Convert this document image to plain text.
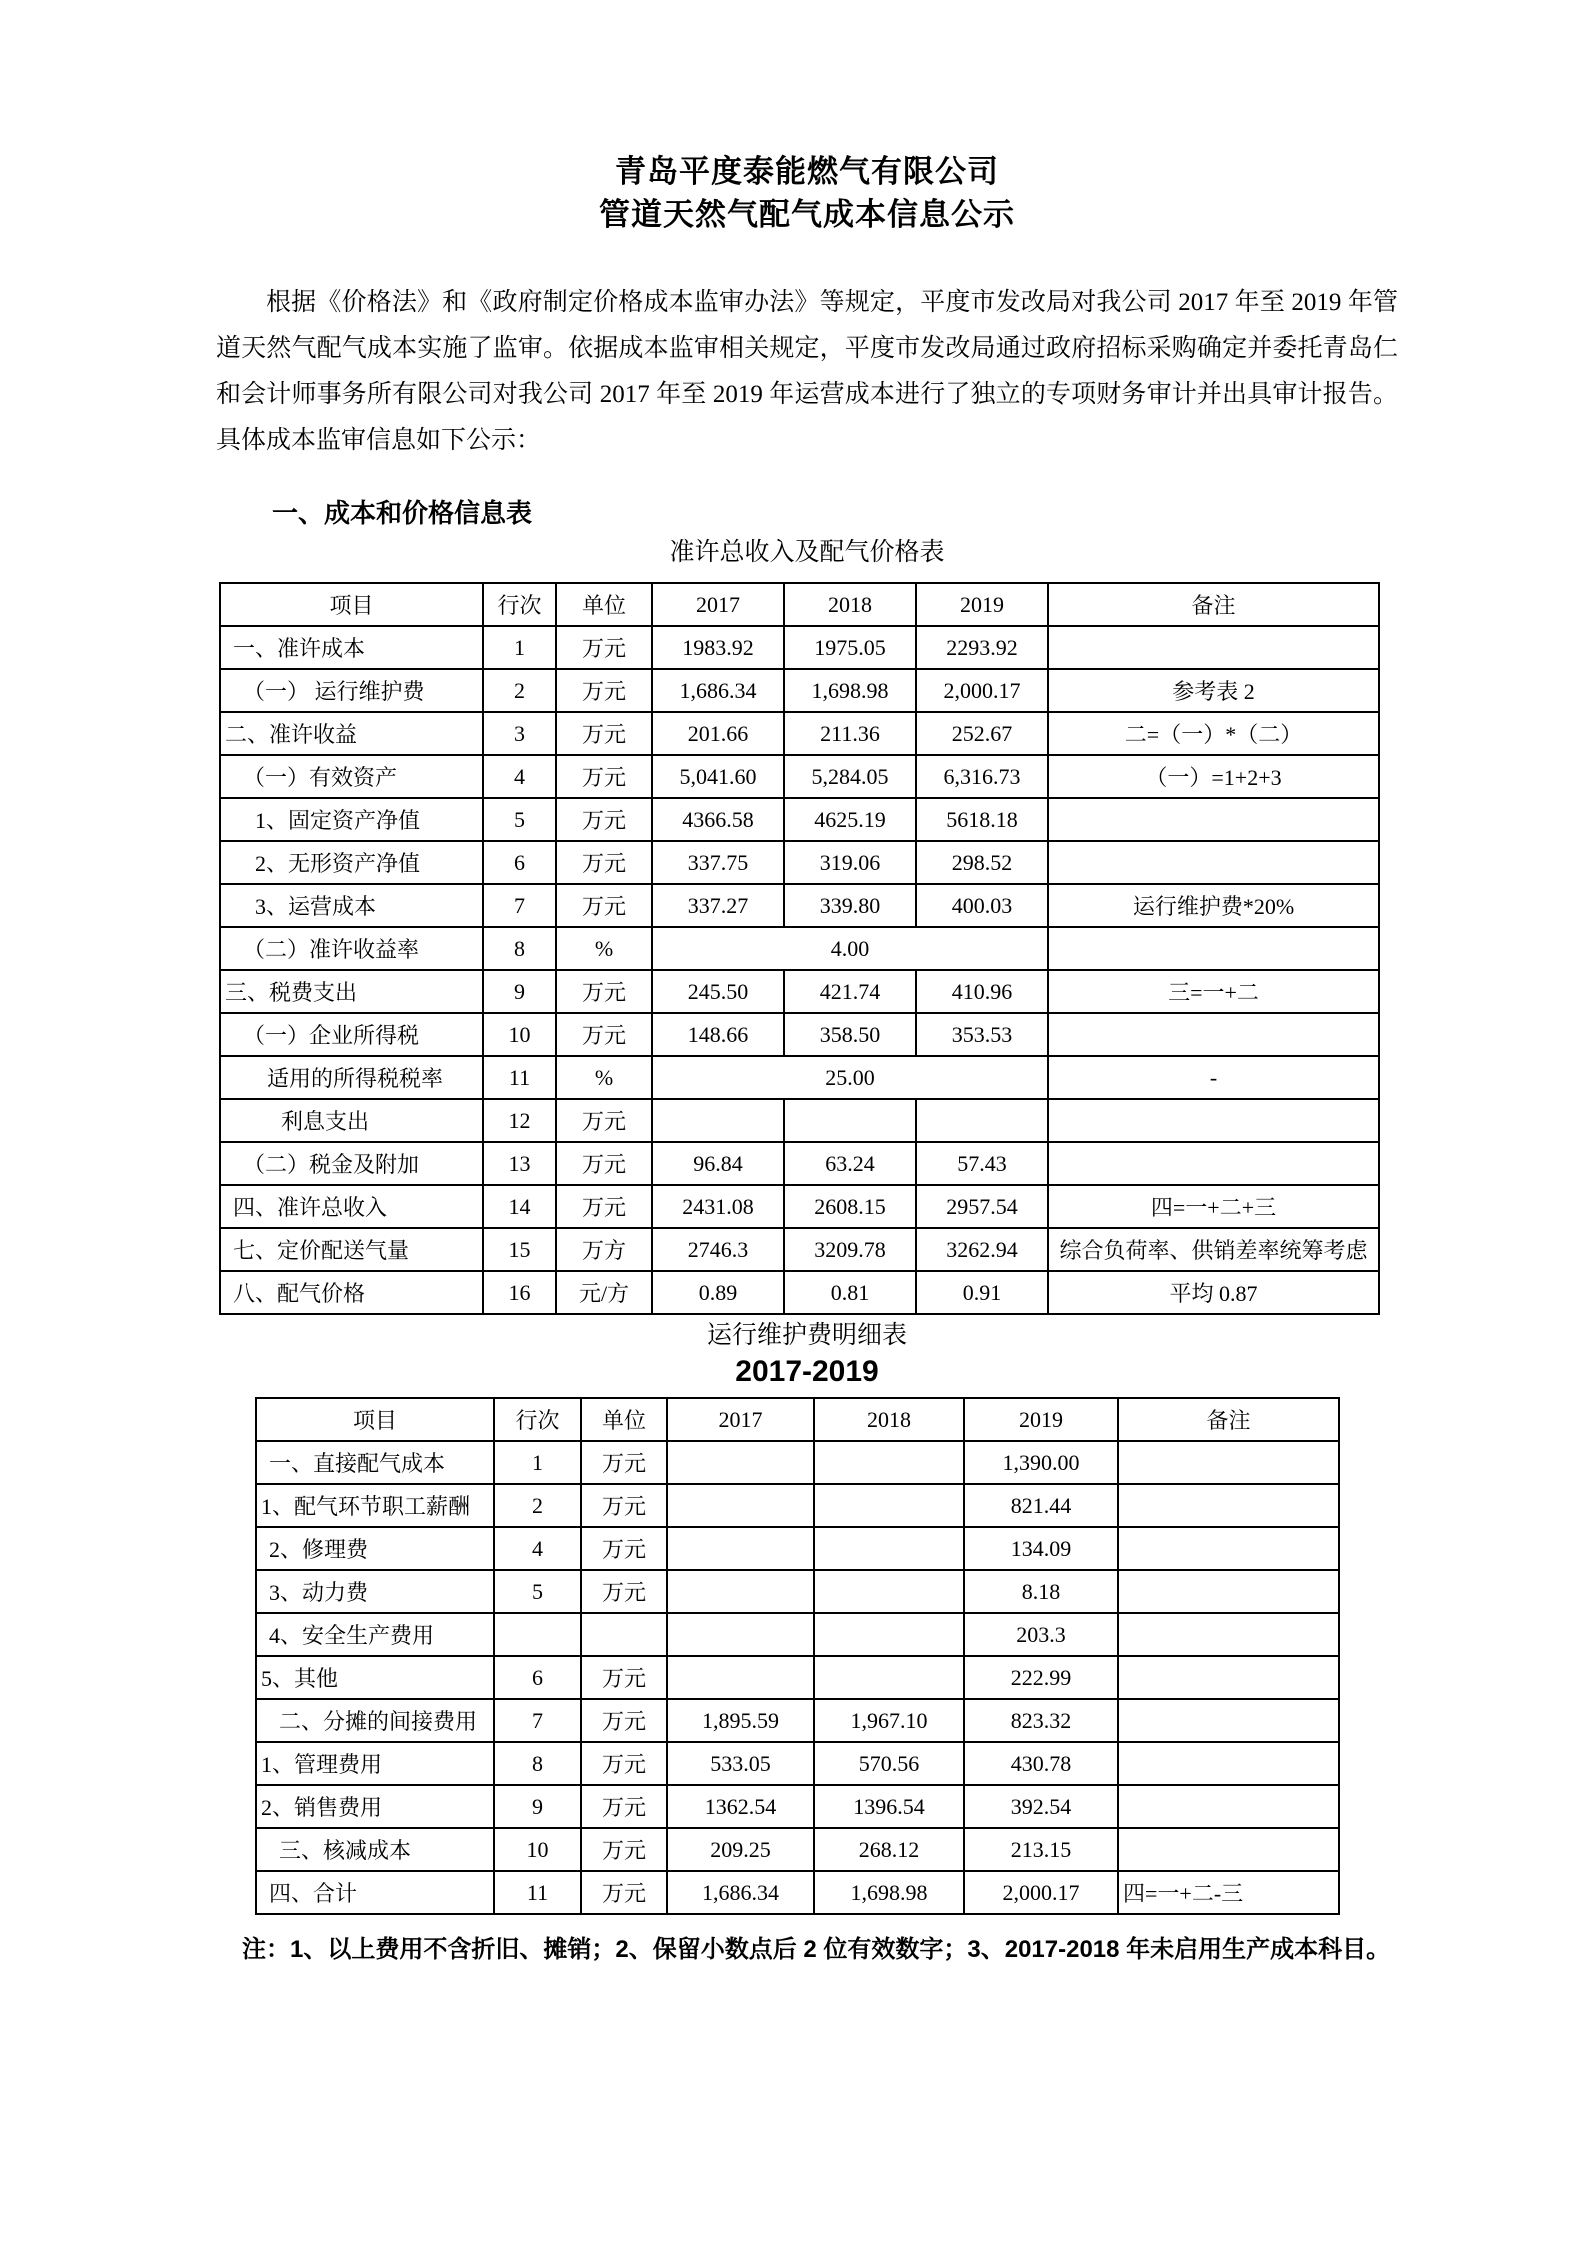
青岛平度泰能燃气有限公司
管道天然气配气成本信息公示
根据《价格法》和《政府制定价格成本监审办法》等规定，平度市发改局对我公司 2017 年至 2019 年管道天然气配气成本实施了监审。依据成本监审相关规定，平度市发改局通过政府招标采购确定并委托青岛仁和会计师事务所有限公司对我公司 2017 年至 2019 年运营成本进行了独立的专项财务审计并出具审计报告。具体成本监审信息如下公示：
一、成本和价格信息表
准许总收入及配气价格表
项目	行次	单位	2017	2018	2019	备注
一、准许成本	1	万元	1983.92	1975.05	2293.92	
（一） 运行维护费	2	万元	1,686.34	1,698.98	2,000.17	参考表 2
二、准许收益	3	万元	201.66	211.36	252.67	二=（一）*（二）
（一）有效资产	4	万元	5,041.60	5,284.05	6,316.73	（一）=1+2+3
1、固定资产净值	5	万元	4366.58	4625.19	5618.18	
2、无形资产净值	6	万元	337.75	319.06	298.52	
3、运营成本	7	万元	337.27	339.80	400.03	运行维护费*20%
（二）准许收益率	8	%	4.00			
三、税费支出	9	万元	245.50	421.74	410.96	三=一+二
（一）企业所得税	10	万元	148.66	358.50	353.53	
适用的所得税税率	11	%	25.00			-
利息支出	12	万元				
（二）税金及附加	13	万元	96.84	63.24	57.43	
四、准许总收入	14	万元	2431.08	2608.15	2957.54	四=一+二+三
七、定价配送气量	15	万方	2746.3	3209.78	3262.94	综合负荷率、供销差率统筹考虑
八、配气价格	16	元/方	0.89	0.81	0.91	平均 0.87
运行维护费明细表
2017-2019
项目	行次	单位	2017	2018	2019	备注
一、直接配气成本	1	万元			1,390.00	
1、配气环节职工薪酬	2	万元			821.44	
2、修理费	4	万元			134.09	
3、动力费	5	万元			8.18	
4、安全生产费用					203.3	
5、其他	6	万元			222.99	
二、分摊的间接费用	7	万元	1,895.59	1,967.10	823.32	
1、管理费用	8	万元	533.05	570.56	430.78	
2、销售费用	9	万元	1362.54	1396.54	392.54	
三、核减成本	10	万元	209.25	268.12	213.15	
四、合计	11	万元	1,686.34	1,698.98	2,000.17	四=一+二-三
注：1、以上费用不含折旧、摊销；2、保留小数点后 2 位有效数字；3、2017-2018 年未启用生产成本科目。
